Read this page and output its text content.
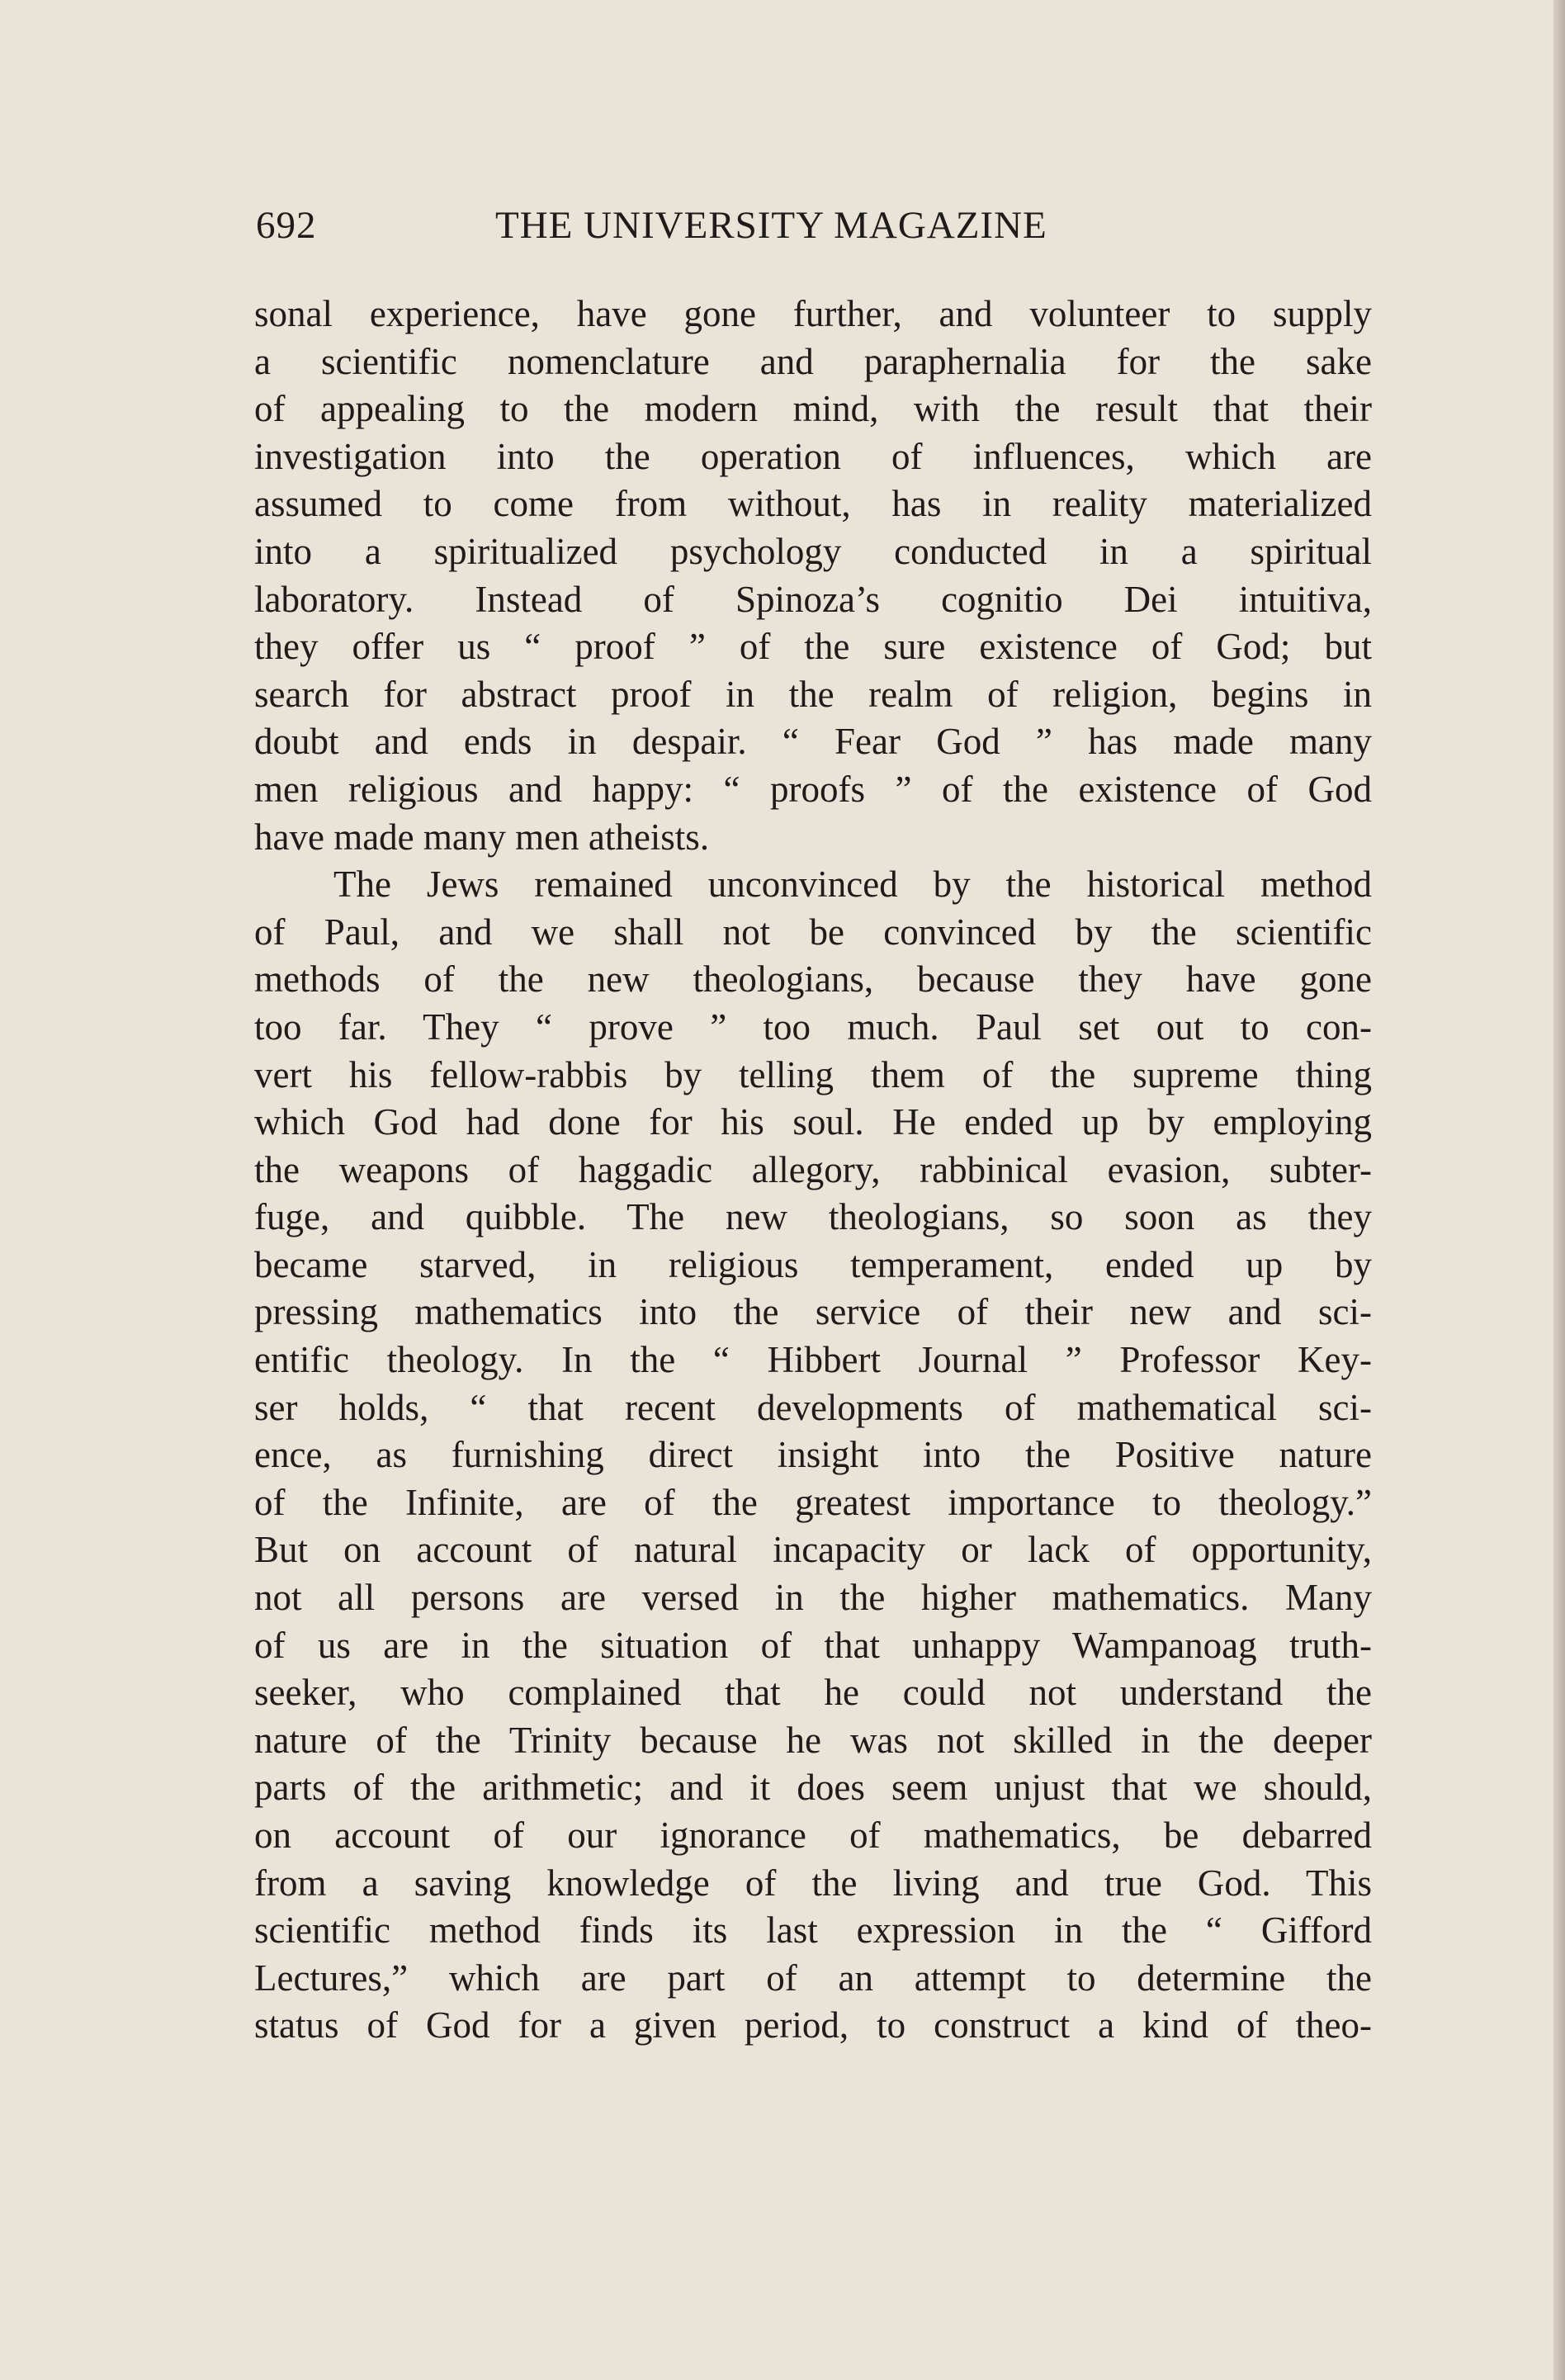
692	THE UNIVERSITY MAGAZINE
sonal experience, have gone further, and volunteer to supply
a scientific nomenclature and paraphernalia for the sake
of appealing to the modern mind, with the result that their
investigation into the operation of influences, which are
assumed to come from without, has in reality materialized
into a spiritualized psychology conducted in a spiritual
laboratory. Instead of Spinoza’s cognitio Dei intuitiva,
they offer us “ proof ” of the sure existence of God; but
search for abstract proof in the realm of religion, begins in
doubt and ends in despair. “ Fear God ” has made many
men religious and happy: “ proofs ” of the existence of God
have made many men atheists.
The Jews remained unconvinced by the historical method
of Paul, and we shall not be convinced by the scientific
methods of the new theologians, because they have gone
too far. They “ prove ” too much. Paul set out to con-
vert his fellow-rabbis by telling them of the supreme thing
which God had done for his soul. He ended up by employing
the weapons of haggadic allegory, rabbinical evasion, subter-
fuge, and quibble. The new theologians, so soon as they
became starved, in religious temperament, ended up by
pressing mathematics into the service of their new and sci-
entific theology. In the “ Hibbert Journal ” Professor Key-
ser holds, “ that recent developments of mathematical sci-
ence, as furnishing direct insight into the Positive nature
of the Infinite, are of the greatest importance to theology.”
But on account of natural incapacity or lack of opportunity,
not all persons are versed in the higher mathematics. Many
of us are in the situation of that unhappy Wampanoag truth-
seeker, who complained that he could not understand the
nature of the Trinity because he was not skilled in the deeper
parts of the arithmetic; and it does seem unjust that we should,
on account of our ignorance of mathematics, be debarred
from a saving knowledge of the living and true God. This
scientific method finds its last expression in the “ Gifford
Lectures,” which are part of an attempt to determine the
status of God for a given period, to construct a kind of theo-
